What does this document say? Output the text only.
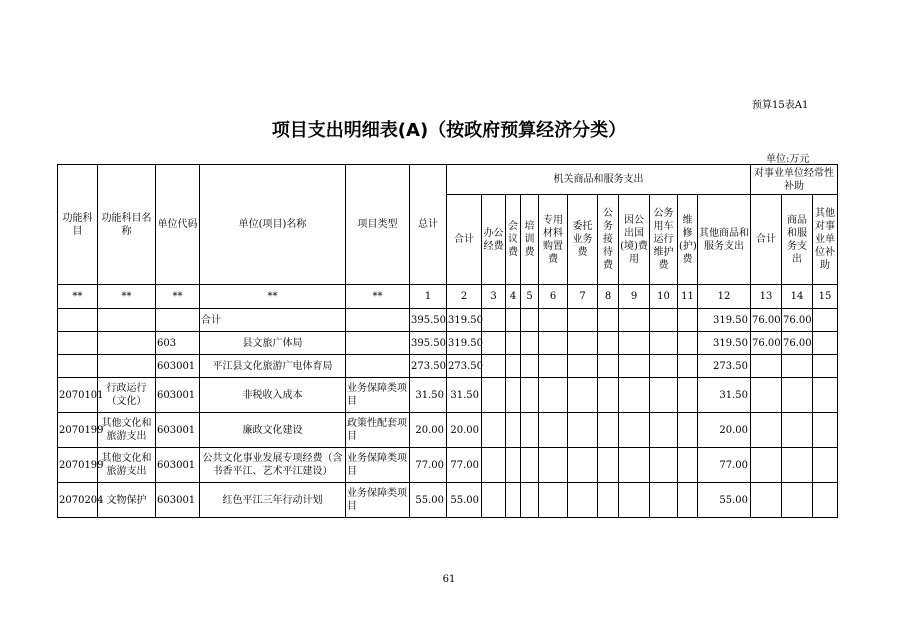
预算15表A1
项目支出明细表(A)（按政府预算经济分类）
单位:万元
功能科目	功能科目名称	单位代码	单位(项目)名称	项目类型	总计	机关商品和服务支出											对事业单位经常性补助		
						合计	办公经费	会议费	培训费	专用材料购置费	委托业务费	公务接待费	因公出国(境)费用	公务用车运行维护费	维修(护)费	其他商品和服务支出	合计	商品和服务支出	其他对事业单位补助
**	**	**	**	**	1	2	3	4	5	6	7	8	9	10	11	12	13	14	15
			合计		395.50	319.50										319.50	76.00	76.00	
		603	县文旅广体局		395.50	319.50										319.50	76.00	76.00	
		603001	平江县文化旅游广电体育局		273.50	273.50										273.50			
2070101	行政运行（文化）	603001	非税收入成本	业务保障类项目	31.50	31.50										31.50			
2070199	其他文化和旅游支出	603001	廉政文化建设	政策性配套项目	20.00	20.00										20.00			
2070199	其他文化和旅游支出	603001	公共文化事业发展专项经费（含书香平江、艺术平江建设）	业务保障类项目	77.00	77.00										77.00			
2070204	文物保护	603001	红色平江三年行动计划	业务保障类项目	55.00	55.00										55.00			
61
